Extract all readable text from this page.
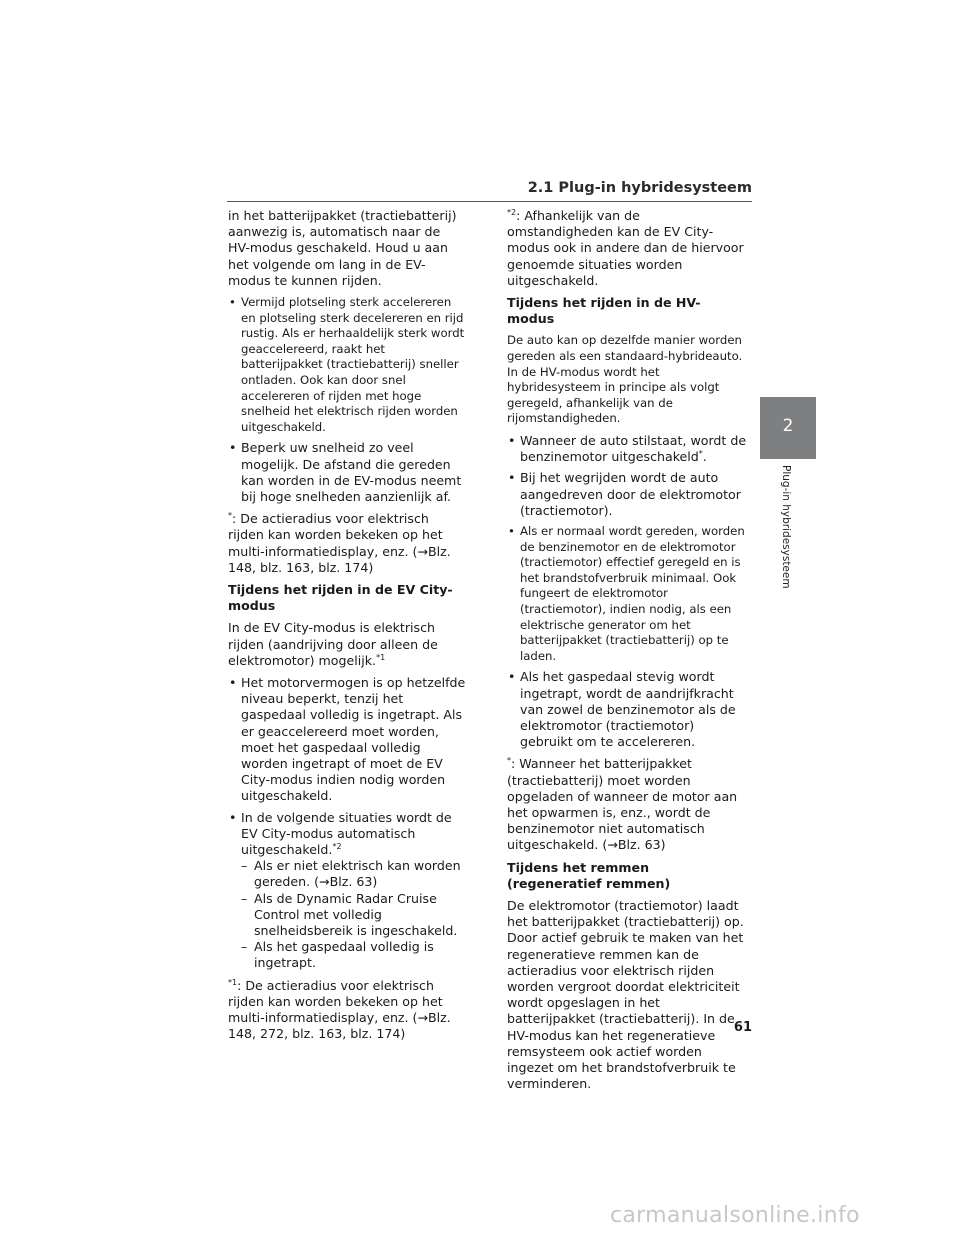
2.1 Plug-in hybridesysteem

in het batterijpakket (tractiebatterij) aanwezig is, automatisch naar de HV-modus geschakeld. Houd u aan het volgende om lang in de EV-modus te kunnen rijden.

• Vermijd plotseling sterk accelereren en plotseling sterk decelereren en rijd rustig. Als er herhaaldelijk sterk wordt geaccelereerd, raakt het batterijpakket (tractiebatterij) sneller ontladen. Ook kan door snel accelereren of rijden met hoge snelheid het elektrisch rijden worden uitgeschakeld.
• Beperk uw snelheid zo veel mogelijk. De afstand die gereden kan worden in de EV-modus neemt bij hoge snelheden aanzienlijk af.

*: De actieradius voor elektrisch rijden kan worden bekeken op het multi-informatiedisplay, enz. (→Blz. 148, blz. 163, blz. 174)

Tijdens het rijden in de EV City-modus

In de EV City-modus is elektrisch rijden (aandrijving door alleen de elektromotor) mogelijk.$^{*1}$

• Het motorvermogen is op hetzelfde niveau beperkt, tenzij het gaspedaal volledig is ingetrapt. Als er geaccelereerd moet worden, moet het gaspedaal volledig worden ingetrapt of moet de EV City-modus indien nodig worden uitgeschakeld.
• In de volgende situaties wordt de EV City-modus automatisch uitgeschakeld.$^{*2}$
– Als er niet elektrisch kan worden gereden. (→Blz. 63)
– Als de Dynamic Radar Cruise Control met volledig snelheidsbereik is ingeschakeld.
– Als het gaspedaal volledig is ingetrapt.

$^{*1}$: De actieradius voor elektrisch rijden kan worden bekeken op het multi-informatiedisplay, enz. (→Blz. 148, 272, blz. 163, blz. 174)

$^{*2}$: Afhankelijk van de omstandigheden kan de EV City-modus ook in andere dan de hiervoor genoemde situaties worden uitgeschakeld.

Tijdens het rijden in de HV-modus

De auto kan op dezelfde manier worden gereden als een standaard-hybrideauto. In de HV-modus wordt het hybridesysteem in principe als volgt geregeld, afhankelijk van de rijomstandigheden.

• Wanneer de auto stilstaat, wordt de benzinemotor uitgeschakeld*.
• Bij het wegrijden wordt de auto aangedreven door de elektromotor (tractiemotor).
• Als er normaal wordt gereden, worden de benzinemotor en de elektromotor (tractiemotor) effectief geregeld en is het brandstofverbruik minimaal. Ook fungeert de elektromotor (tractiemotor), indien nodig, als een elektrische generator om het batterijpakket (tractiebatterij) op te laden.
• Als het gaspedaal stevig wordt ingetrapt, wordt de aandrijfkracht van zowel de benzinemotor als de elektromotor (tractiemotor) gebruikt om te accelereren.

*: Wanneer het batterijpakket (tractiebatterij) moet worden opgeladen of wanneer de motor aan het opwarmen is, enz., wordt de benzinemotor niet automatisch uitgeschakeld. (→Blz. 63)

Tijdens het remmen (regeneratief remmen)

De elektromotor (tractiemotor) laadt het batterijpakket (tractiebatterij) op. Door actief gebruik te maken van het regeneratieve remmen kan de actieradius voor elektrisch rijden worden vergroot doordat elektriciteit wordt opgeslagen in het batterijpakket (tractiebatterij). In de HV-modus kan het regeneratieve remsysteem ook actief worden ingezet om het brandstofverbruik te verminderen.

2
Plug-in hybridesysteem
61
carmanualsonline.info
